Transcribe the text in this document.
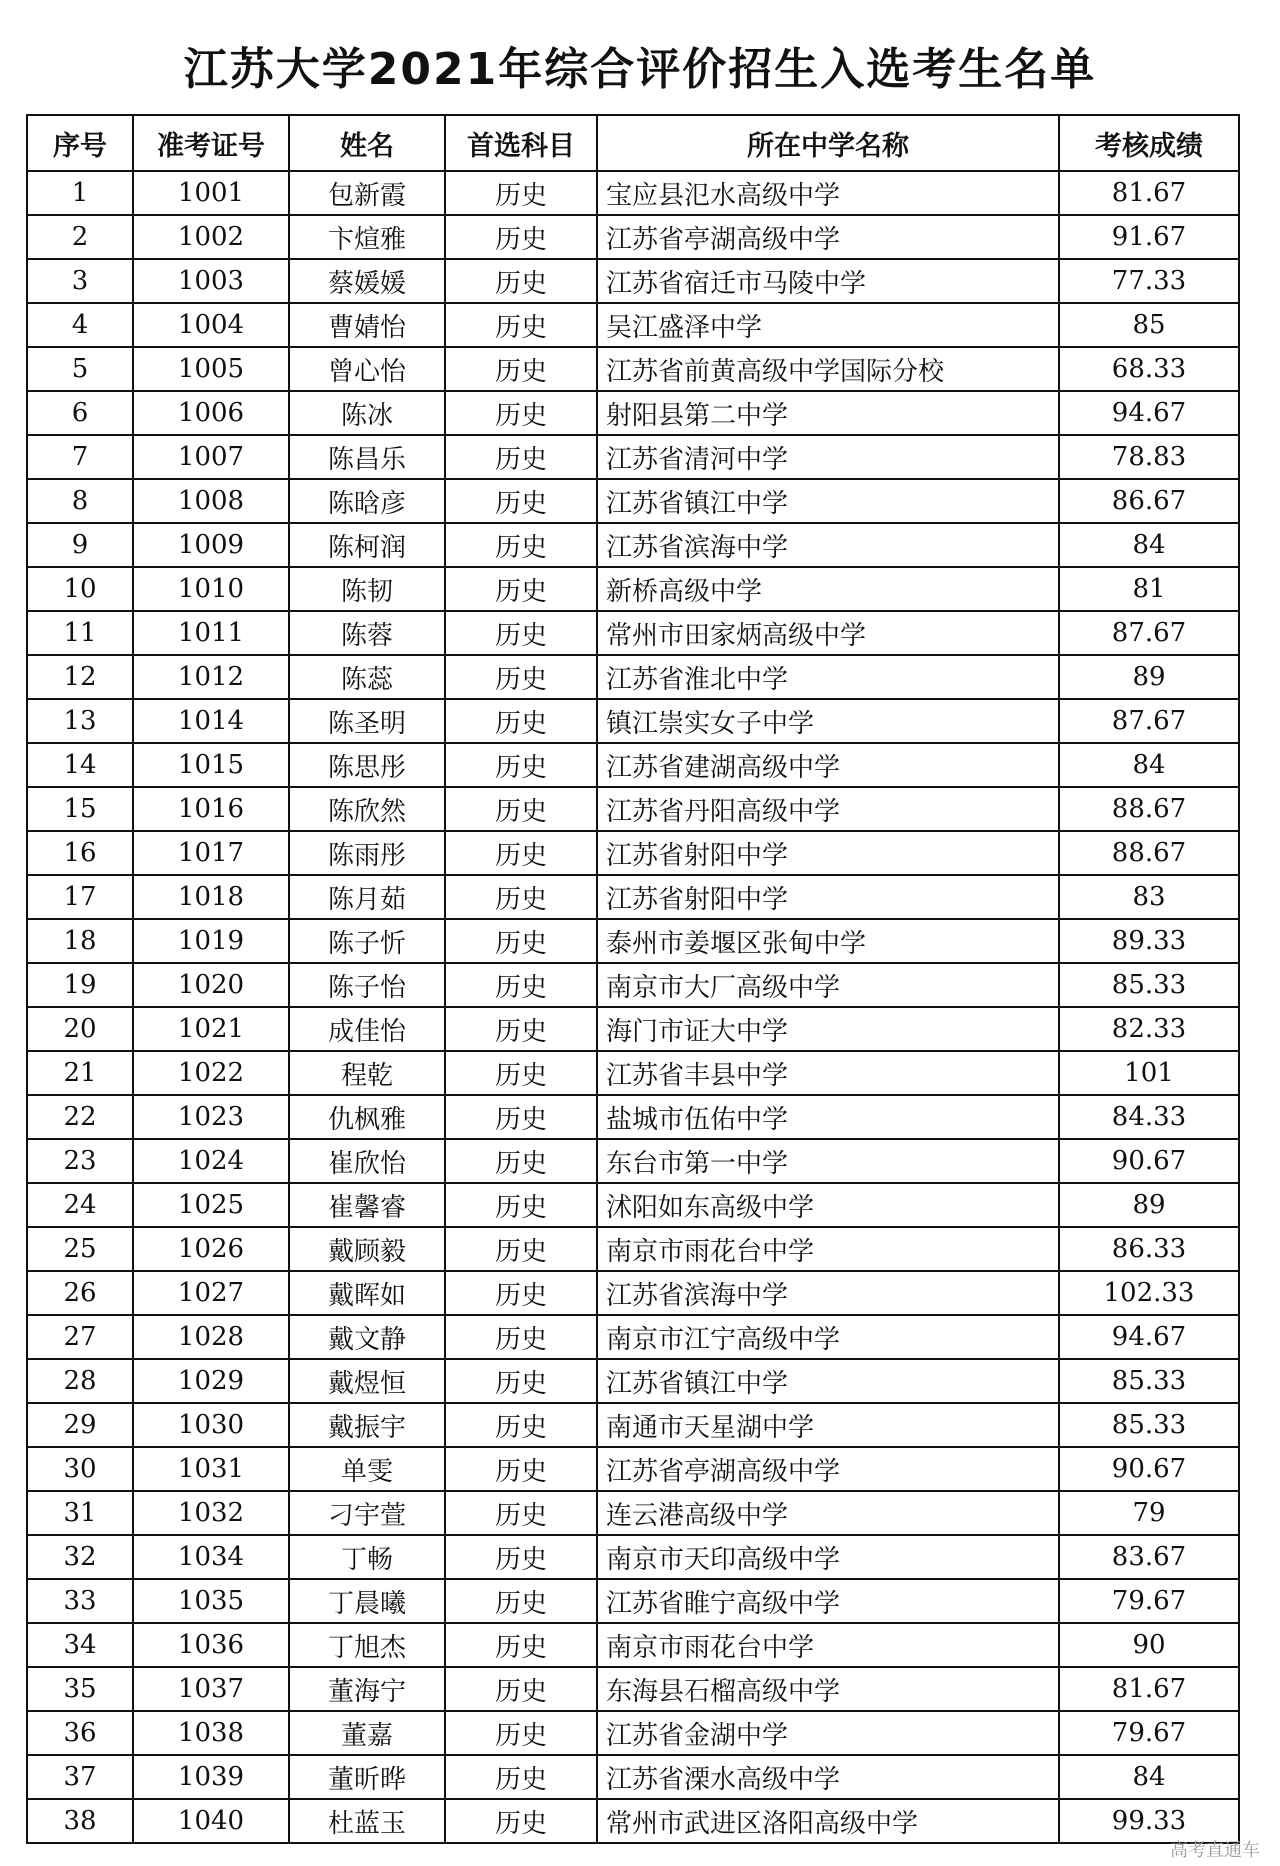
江苏大学2021年综合评价招生入选考生名单
序号	准考证号	姓名	首选科目	所在中学名称	考核成绩
1	1001	包新霞	历史	宝应县氾水高级中学	81.67
2	1002	卞煊雅	历史	江苏省亭湖高级中学	91.67
3	1003	蔡媛媛	历史	江苏省宿迁市马陵中学	77.33
4	1004	曹婧怡	历史	吴江盛泽中学	85
5	1005	曾心怡	历史	江苏省前黄高级中学国际分校	68.33
6	1006	陈冰	历史	射阳县第二中学	94.67
7	1007	陈昌乐	历史	江苏省清河中学	78.83
8	1008	陈晗彦	历史	江苏省镇江中学	86.67
9	1009	陈柯润	历史	江苏省滨海中学	84
10	1010	陈韧	历史	新桥高级中学	81
11	1011	陈蓉	历史	常州市田家炳高级中学	87.67
12	1012	陈蕊	历史	江苏省淮北中学	89
13	1014	陈圣明	历史	镇江崇实女子中学	87.67
14	1015	陈思彤	历史	江苏省建湖高级中学	84
15	1016	陈欣然	历史	江苏省丹阳高级中学	88.67
16	1017	陈雨彤	历史	江苏省射阳中学	88.67
17	1018	陈月茹	历史	江苏省射阳中学	83
18	1019	陈子忻	历史	泰州市姜堰区张甸中学	89.33
19	1020	陈子怡	历史	南京市大厂高级中学	85.33
20	1021	成佳怡	历史	海门市证大中学	82.33
21	1022	程乾	历史	江苏省丰县中学	101
22	1023	仇枫雅	历史	盐城市伍佑中学	84.33
23	1024	崔欣怡	历史	东台市第一中学	90.67
24	1025	崔馨睿	历史	沭阳如东高级中学	89
25	1026	戴顾毅	历史	南京市雨花台中学	86.33
26	1027	戴晖如	历史	江苏省滨海中学	102.33
27	1028	戴文静	历史	南京市江宁高级中学	94.67
28	1029	戴煜恒	历史	江苏省镇江中学	85.33
29	1030	戴振宇	历史	南通市天星湖中学	85.33
30	1031	单雯	历史	江苏省亭湖高级中学	90.67
31	1032	刁宇萱	历史	连云港高级中学	79
32	1034	丁畅	历史	南京市天印高级中学	83.67
33	1035	丁晨曦	历史	江苏省睢宁高级中学	79.67
34	1036	丁旭杰	历史	南京市雨花台中学	90
35	1037	董海宁	历史	东海县石榴高级中学	81.67
36	1038	董嘉	历史	江苏省金湖中学	79.67
37	1039	董昕晔	历史	江苏省溧水高级中学	84
38	1040	杜蓝玉	历史	常州市武进区洛阳高级中学	99.33
高考直通车
